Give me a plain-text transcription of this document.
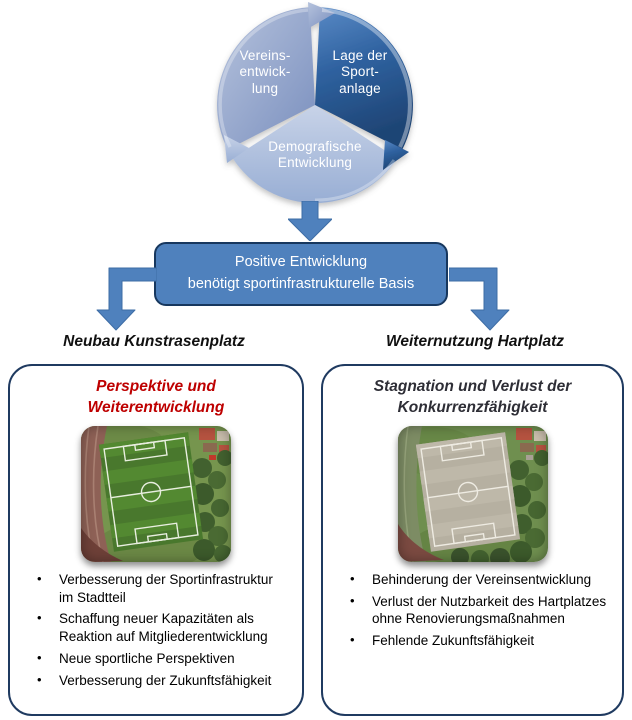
Vereins-
entwick-
lung
Lage der
Sport-
anlage
Demografische
Entwicklung
Positive Entwicklung
benötigt sportinfrastrukturelle Basis
Neubau Kunstrasenplatz	Weiternutzung Hartplatz
Perspektive und
Weiterentwicklung
• Verbesserung der Sportinfrastruktur im Stadtteil
• Schaffung neuer Kapazitäten als Reaktion auf Mitgliederentwicklung
• Neue sportliche Perspektiven
• Verbesserung der Zukunftsfähigkeit
Stagnation und Verlust der
Konkurrenzfähigkeit
• Behinderung der Vereinsentwicklung
• Verlust der Nutzbarkeit des Hartplatzes ohne Renovierungsmaßnahmen
• Fehlende Zukunftsfähigkeit
